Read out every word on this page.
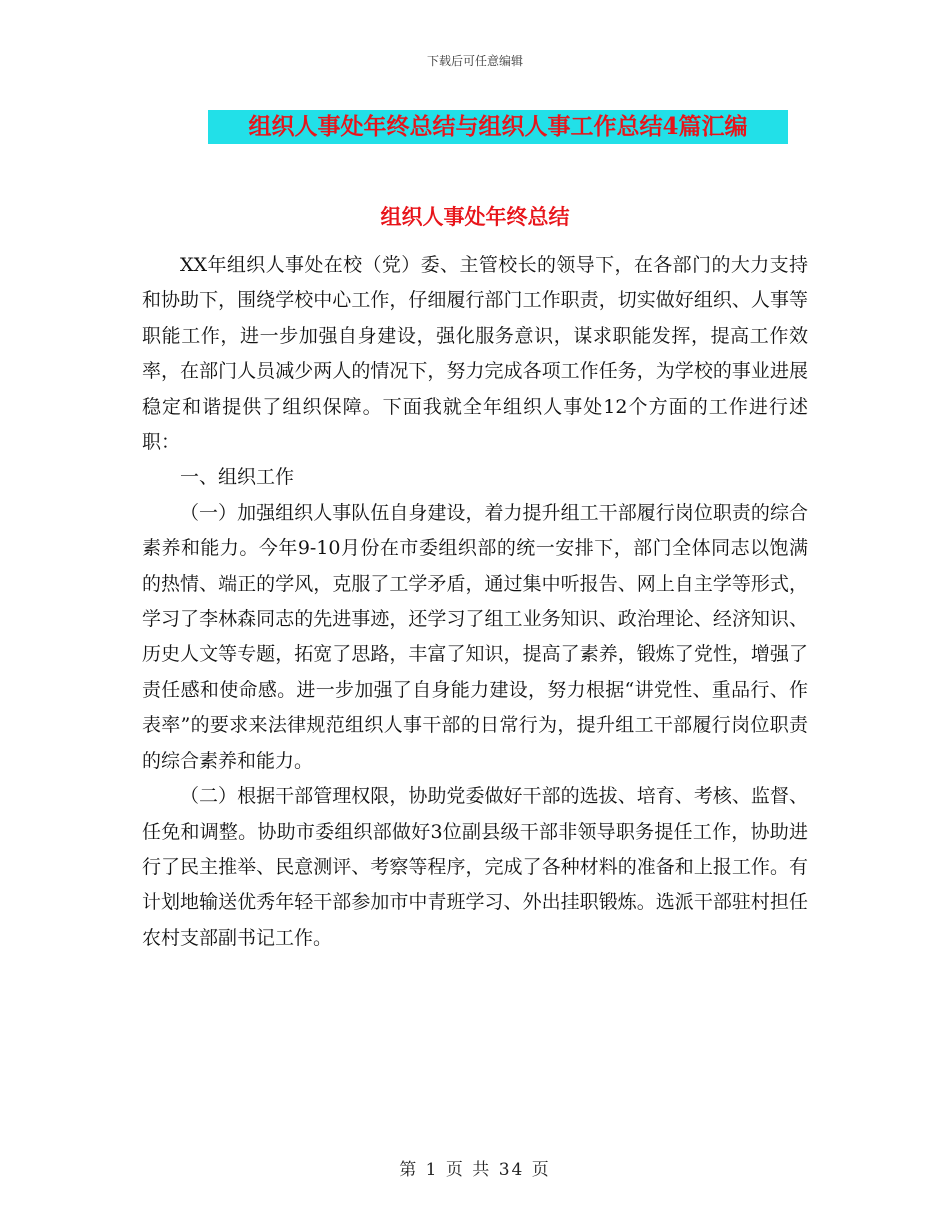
下载后可任意编辑
组织人事处年终总结与组织人事工作总结4篇汇编
组织人事处年终总结

XX年组织人事处在校（党）委、主管校长的领导下，在各部门的大力支持和协助下，围绕学校中心工作，仔细履行部门工作职责，切实做好组织、人事等职能工作，进一步加强自身建设，强化服务意识，谋求职能发挥，提高工作效率，在部门人员减少两人的情况下，努力完成各项工作任务，为学校的事业进展稳定和谐提供了组织保障。下面我就全年组织人事处12个方面的工作进行述职：

一、组织工作

（一）加强组织人事队伍自身建设，着力提升组工干部履行岗位职责的综合素养和能力。今年9-10月份在市委组织部的统一安排下，部门全体同志以饱满的热情、端正的学风，克服了工学矛盾，通过集中听报告、网上自主学等形式，学习了李林森同志的先进事迹，还学习了组工业务知识、政治理论、经济知识、历史人文等专题，拓宽了思路，丰富了知识，提高了素养，锻炼了党性，增强了责任感和使命感。进一步加强了自身能力建设，努力根据“讲党性、重品行、作表率”的要求来法律规范组织人事干部的日常行为，提升组工干部履行岗位职责的综合素养和能力。

（二）根据干部管理权限，协助党委做好干部的选拔、培育、考核、监督、任免和调整。协助市委组织部做好3位副县级干部非领导职务提任工作，协助进行了民主推举、民意测评、考察等程序，完成了各种材料的准备和上报工作。有计划地输送优秀年轻干部参加市中青班学习、外出挂职锻炼。选派干部驻村担任农村支部副书记工作。

第 1 页 共 34 页
